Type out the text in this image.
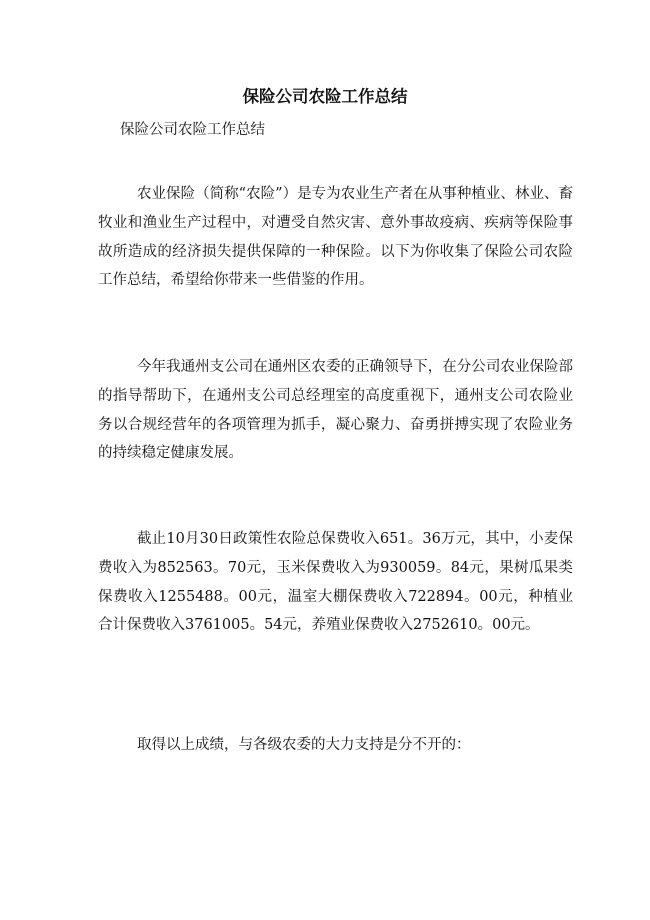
保险公司农险工作总结

保险公司农险工作总结

农业保险（简称“农险”）是专为农业生产者在从事种植业、林业、畜牧业和渔业生产过程中，对遭受自然灾害、意外事故疫病、疾病等保险事故所造成的经济损失提供保障的一种保险。以下为你收集了保险公司农险工作总结，希望给你带来一些借鉴的作用。

今年我通州支公司在通州区农委的正确领导下，在分公司农业保险部的指导帮助下，在通州支公司总经理室的高度重视下，通州支公司农险业务以合规经营年的各项管理为抓手，凝心聚力、奋勇拼搏实现了农险业务的持续稳定健康发展。

截止10月30日政策性农险总保费收入651。36万元，其中，小麦保费收入为852563。70元，玉米保费收入为930059。84元，果树瓜果类保费收入1255488。00元，温室大棚保费收入722894。00元，种植业合计保费收入3761005。54元，养殖业保费收入2752610。00元。

取得以上成绩，与各级农委的大力支持是分不开的：
